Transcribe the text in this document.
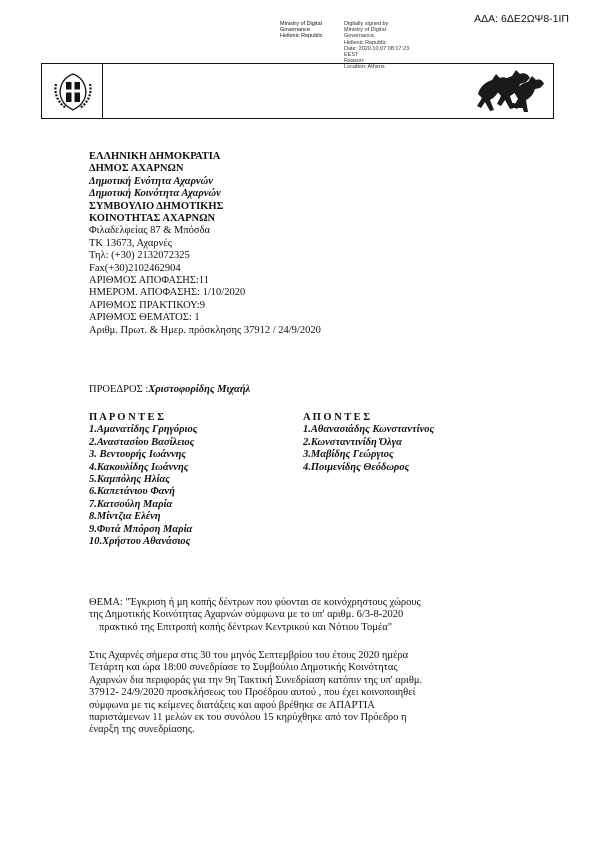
ΑΔΑ: 6ΔΕ2ΩΨ8-1ΙΠ
Ministry of Digital
Governance
Hellenic Republic
Digitally signed by
Ministry of Digital
Governance,
Hellenic Republic
Date: 2020.10.07 08:17:23
EEST
Reason:
Location: Athens
ΕΛΛΗΝΙΚΗ ΔΗΜΟΚΡΑΤΙΑ
ΔΗΜΟΣ ΑΧΑΡΝΩΝ
Δημοτική Ενότητα Αχαρνών
Δημοτική Κοινότητα Αχαρνών
ΣΥΜΒΟΥΛΙΟ ΔΗΜΟΤΙΚΗΣ
ΚΟΙΝΟΤΗΤΑΣ ΑΧΑΡΝΩΝ
Φιλαδελφείας 87 & Μπόσδα
ΤΚ 13673, Αχαρνές
Τηλ: (+30) 2132072325
Fax(+30)2102462904
ΑΡΙΘΜΟΣ ΑΠΟΦΑΣΗΣ:11
ΗΜΕΡΟΜ. ΑΠΟΦΑΣΗΣ: 1/10/2020
ΑΡΙΘΜΟΣ ΠΡΑΚΤΙΚΟΥ:9
ΑΡΙΘΜΟΣ ΘΕΜΑΤΟΣ: 1
Αριθμ. Πρωτ. & Ημερ. πρόσκλησης 37912 / 24/9/2020
ΠΡΟΕΔΡΟΣ :Χριστοφορίδης Μιχαήλ
Π Α Ρ Ο Ν Τ Ε Σ
1.Αμανατίδης Γρηγόριος
2.Αναστασίου Βασίλειος
3. Βεντουρής Ιωάννης
4.Κακουλίδης Ιωάννης
5.Καμπόλης Ηλίας
6.Καπετάνιου Φανή
7.Κατσούλη Μαρία
8.Μίντζια Ελένη
9.Φυτά Μπόρση Μαρία
10.Χρήστου Αθανάσιος
Α Π Ο Ν Τ Ε Σ
1.Αθανασιάδης Κωνσταντίνος
2.Κωνσταντινίδη Όλγα
3.Μαβίδης Γεώργιος
4.Ποιμενίδης Θεόδωρος
ΘΕΜΑ: "Έγκριση ή μη κοπής δέντρων που φύονται σε κοινόχρηστους χώρους
της Δημοτικής Κοινότητας Αχαρνών σύμφωνα με το υπ' αριθμ. 6/3-8-2020
πρακτικό της Επιτροπή κοπής δέντρων Κεντρικού και Νότιου Τομέα"
Στις Αχαρνές σήμερα στις 30 του μηνός Σεπτεμβρίου του έτους 2020 ημέρα
Τετάρτη και ώρα 18:00 συνεδρίασε το Συμβούλιο Δημοτικής Κοινότητας
Αχαρνών δια περιφοράς για την 9η Τακτική Συνεδρίαση κατόπιν της υπ' αριθμ.
37912- 24/9/2020 προσκλήσεως του Προέδρου αυτού , που έχει κοινοποιηθεί
σύμφωνα με τις κείμενες διατάξεις και αφού βρέθηκε σε ΑΠΑΡΤΙΑ
παριστάμενων 11 μελών εκ του συνόλου 15 κηρύχθηκε από τον Πρόεδρο η
έναρξη της συνεδρίασης.
